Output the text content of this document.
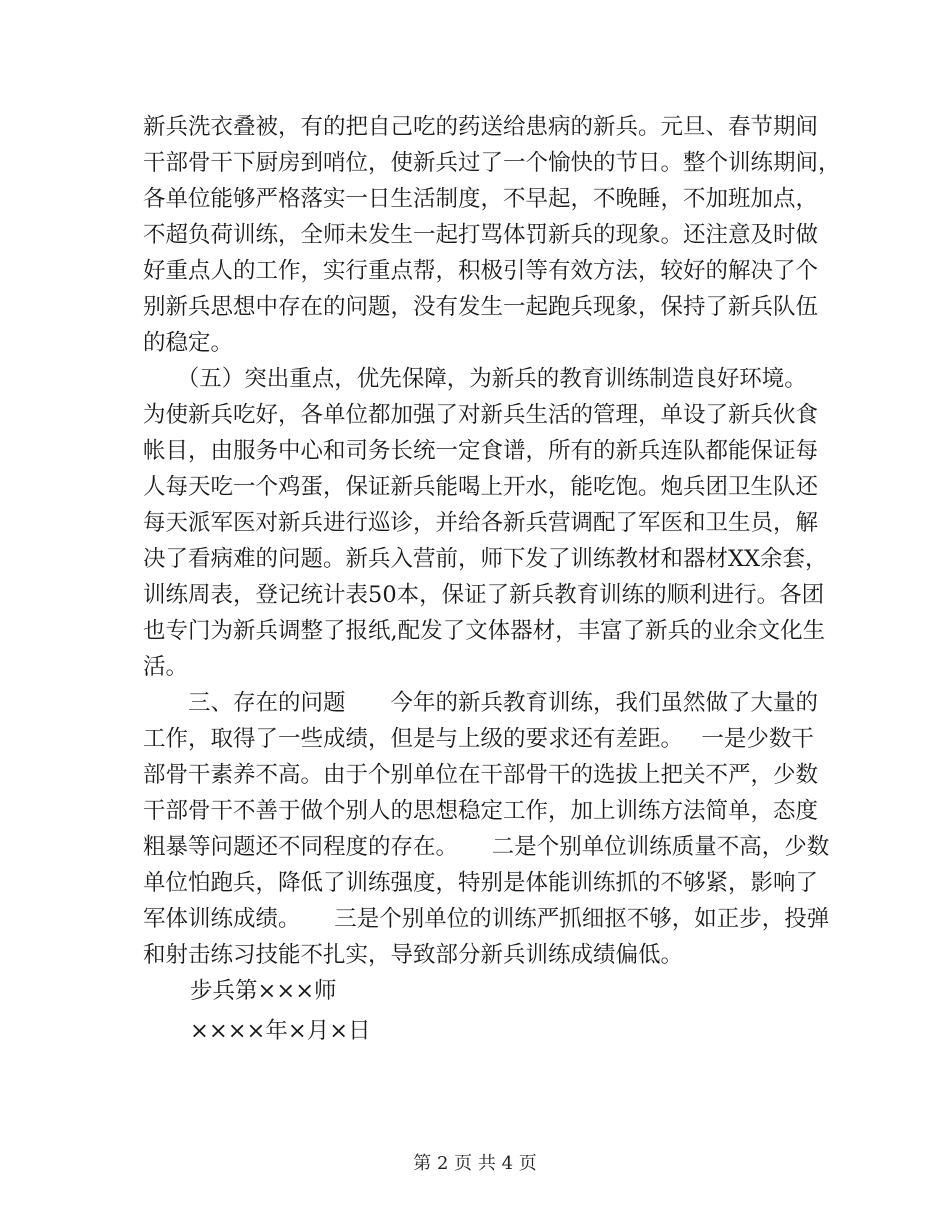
新兵洗衣叠被，有的把自己吃的药送给患病的新兵。元旦、春节期间
干部骨干下厨房到哨位，使新兵过了一个愉快的节日。整个训练期间，
各单位能够严格落实一日生活制度，不早起，不晚睡，不加班加点，
不超负荷训练，全师未发生一起打骂体罚新兵的现象。还注意及时做
好重点人的工作，实行重点帮，积极引等有效方法，较好的解决了个
别新兵思想中存在的问题，没有发生一起跑兵现象，保持了新兵队伍
的稳定。
　　（五）突出重点，优先保障，为新兵的教育训练制造良好环境。
为使新兵吃好，各单位都加强了对新兵生活的管理，单设了新兵伙食
帐目，由服务中心和司务长统一定食谱，所有的新兵连队都能保证每
人每天吃一个鸡蛋，保证新兵能喝上开水，能吃饱。炮兵团卫生队还
每天派军医对新兵进行巡诊，并给各新兵营调配了军医和卫生员，解
决了看病难的问题。新兵入营前，师下发了训练教材和器材XX余套，
训练周表，登记统计表50本，保证了新兵教育训练的顺利进行。各团
也专门为新兵调整了报纸,配发了文体器材，丰富了新兵的业余文化生
活。
　　三、存在的问题　　今年的新兵教育训练，我们虽然做了大量的
工作，取得了一些成绩，但是与上级的要求还有差距。　 一是少数干
部骨干素养不高。由于个别单位在干部骨干的选拔上把关不严，少数
干部骨干不善于做个别人的思想稳定工作，加上训练方法简单，态度
粗暴等问题还不同程度的存在。　　二是个别单位训练质量不高，少数
单位怕跑兵，降低了训练强度，特别是体能训练抓的不够紧，影响了
军体训练成绩。　　三是个别单位的训练严抓细抠不够，如正步，投弹
和射击练习技能不扎实，导致部分新兵训练成绩偏低。
步兵第×××师
××××年×月×日
第 2 页 共 4 页
